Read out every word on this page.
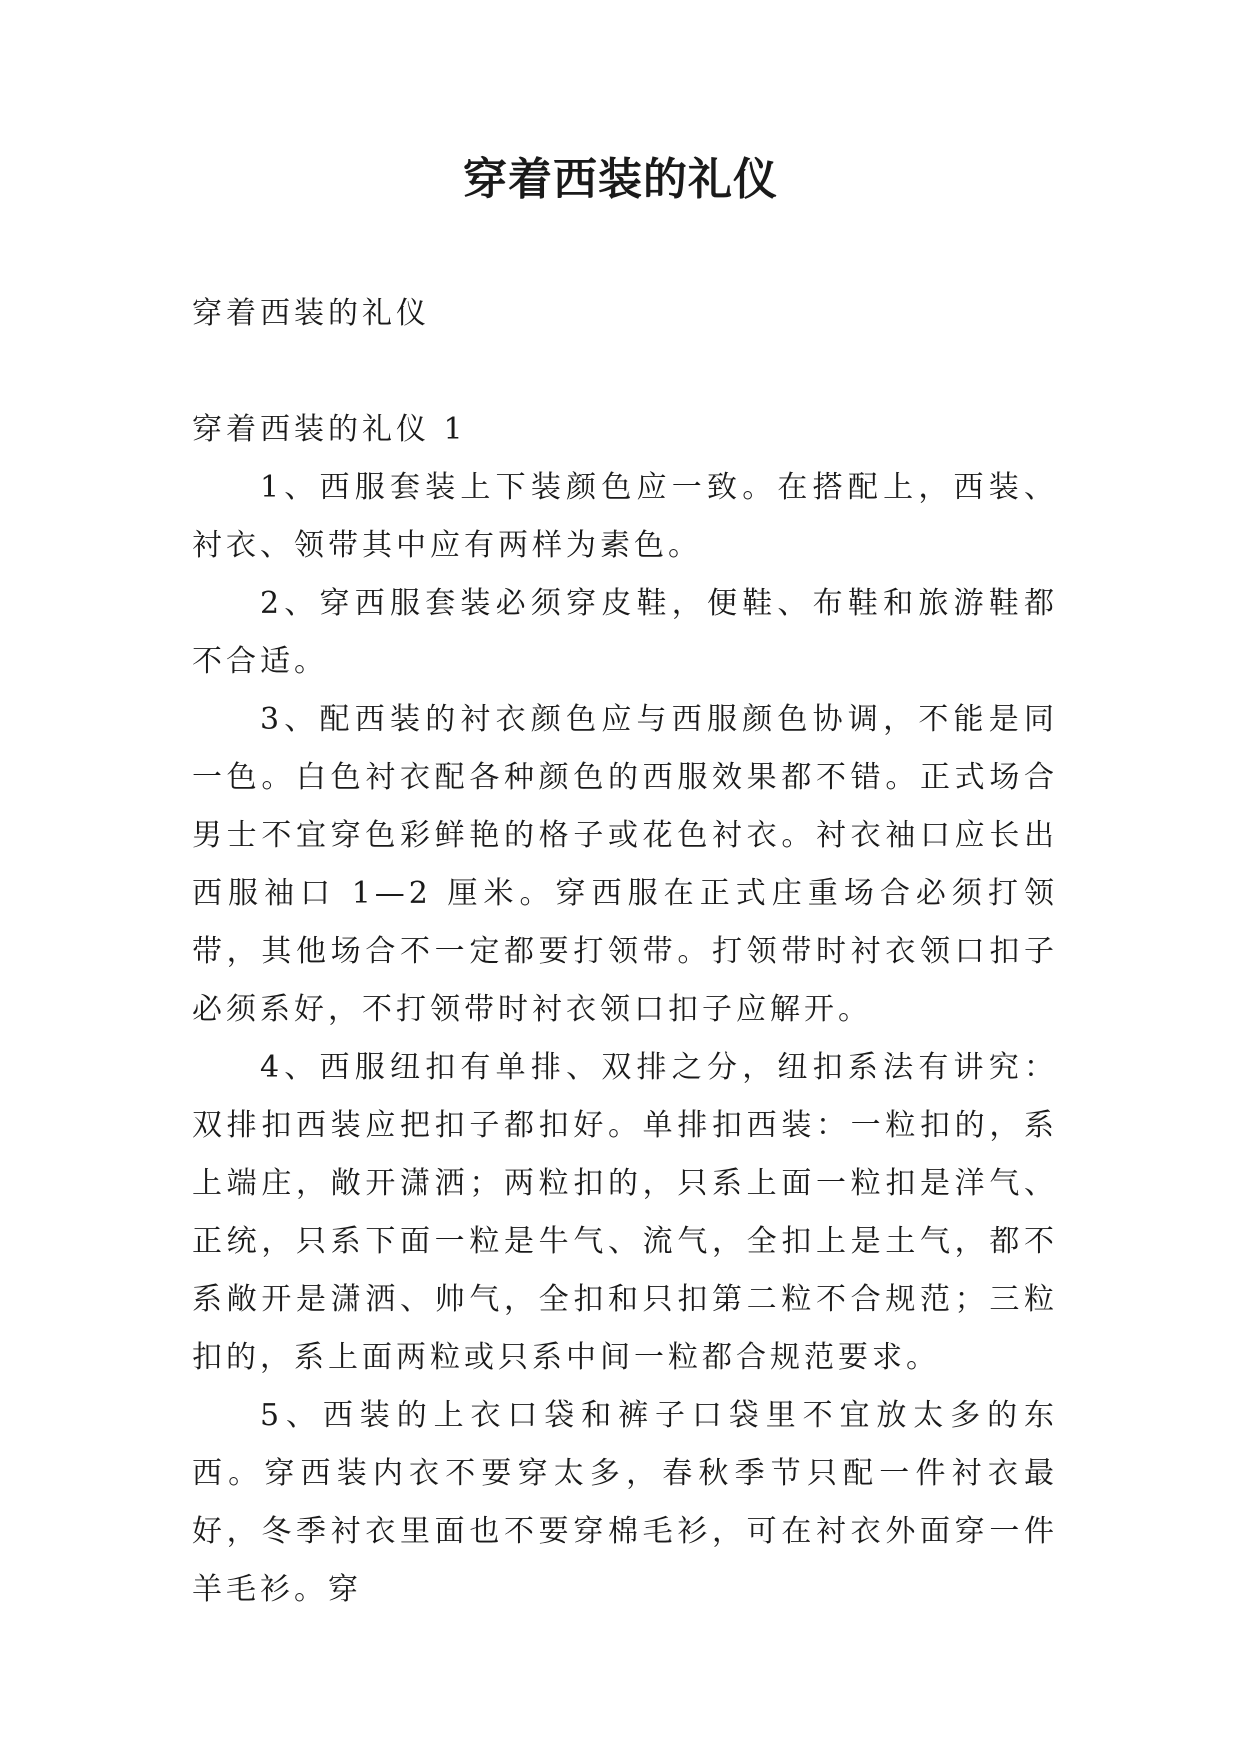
穿着西装的礼仪

穿着西装的礼仪

穿着西装的礼仪 1

1、西服套装上下装颜色应一致。在搭配上，西装、衬衣、领带其中应有两样为素色。

2、穿西服套装必须穿皮鞋，便鞋、布鞋和旅游鞋都不合适。

3、配西装的衬衣颜色应与西服颜色协调，不能是同一色。白色衬衣配各种颜色的西服效果都不错。正式场合男士不宜穿色彩鲜艳的格子或花色衬衣。衬衣袖口应长出西服袖口 1—2 厘米。穿西服在正式庄重场合必须打领带，其他场合不一定都要打领带。打领带时衬衣领口扣子必须系好，不打领带时衬衣领口扣子应解开。

4、西服纽扣有单排、双排之分，纽扣系法有讲究：双排扣西装应把扣子都扣好。单排扣西装：一粒扣的，系上端庄，敞开潇洒；两粒扣的，只系上面一粒扣是洋气、正统，只系下面一粒是牛气、流气，全扣上是土气，都不系敞开是潇洒、帅气，全扣和只扣第二粒不合规范；三粒扣的，系上面两粒或只系中间一粒都合规范要求。

5、西装的上衣口袋和裤子口袋里不宜放太多的东西。穿西装内衣不要穿太多，春秋季节只配一件衬衣最好，冬季衬衣里面也不要穿棉毛衫，可在衬衣外面穿一件羊毛衫。穿
